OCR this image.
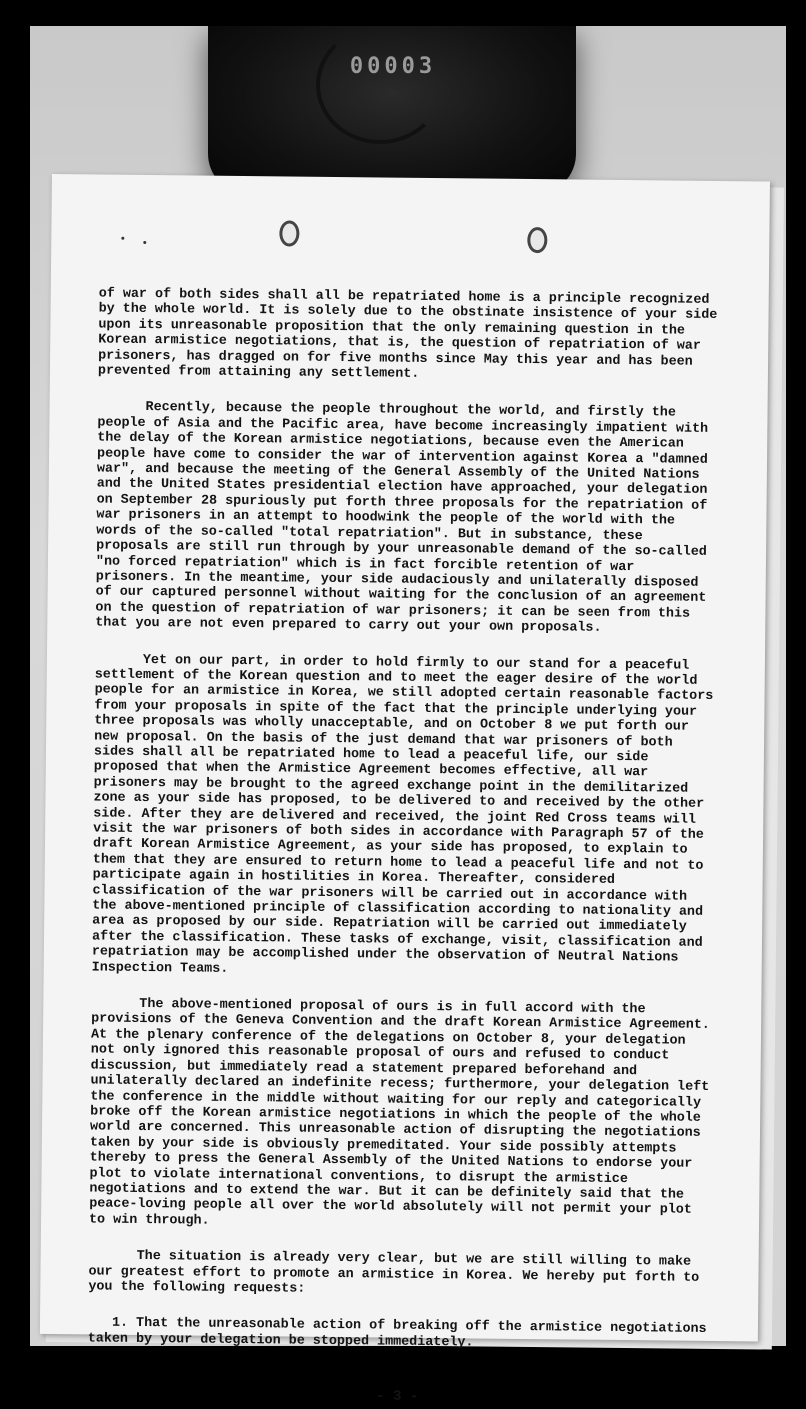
00003

of war of both sides shall all be repatriated home is a principle recognized by the whole world. It is solely due to the obstinate insistence of your side upon its unreasonable proposition that the only remaining question in the Korean armistice negotiations, that is, the question of repatriation of war prisoners, has dragged on for five months since May this year and has been prevented from attaining any settlement.

Recently, because the people throughout the world, and firstly the people of Asia and the Pacific area, have become increasingly impatient with the delay of the Korean armistice negotiations, because even the American people have come to consider the war of intervention against Korea a "damned war", and because the meeting of the General Assembly of the United Nations and the United States presidential election have approached, your delegation on September 28 spuriously put forth three proposals for the repatriation of war prisoners in an attempt to hoodwink the people of the world with the words of the so-called "total repatriation". But in substance, these proposals are still run through by your unreasonable demand of the so-called "no forced repatriation" which is in fact forcible retention of war prisoners. In the meantime, your side audaciously and unilaterally disposed of our captured personnel without waiting for the conclusion of an agreement on the question of repatriation of war prisoners; it can be seen from this that you are not even prepared to carry out your own proposals.

Yet on our part, in order to hold firmly to our stand for a peaceful settlement of the Korean question and to meet the eager desire of the world people for an armistice in Korea, we still adopted certain reasonable factors from your proposals in spite of the fact that the principle underlying your three proposals was wholly unacceptable, and on October 8 we put forth our new proposal. On the basis of the just demand that war prisoners of both sides shall all be repatriated home to lead a peaceful life, our side proposed that when the Armistice Agreement becomes effective, all war prisoners may be brought to the agreed exchange point in the demilitarized zone as your side has proposed, to be delivered to and received by the other side. After they are delivered and received, the joint Red Cross teams will visit the war prisoners of both sides in accordance with Paragraph 57 of the draft Korean Armistice Agreement, as your side has proposed, to explain to them that they are ensured to return home to lead a peaceful life and not to participate again in hostilities in Korea. Thereafter, considered classification of the war prisoners will be carried out in accordance with the above-mentioned principle of classification according to nationality and area as proposed by our side. Repatriation will be carried out immediately after the classification. These tasks of exchange, visit, classification and repatriation may be accomplished under the observation of Neutral Nations Inspection Teams.

The above-mentioned proposal of ours is in full accord with the provisions of the Geneva Convention and the draft Korean Armistice Agreement. At the plenary conference of the delegations on October 8, your delegation not only ignored this reasonable proposal of ours and refused to conduct discussion, but immediately read a statement prepared beforehand and unilaterally declared an indefinite recess; furthermore, your delegation left the conference in the middle without waiting for our reply and categorically broke off the Korean armistice negotiations in which the people of the whole world are concerned. This unreasonable action of disrupting the negotiations taken by your side is obviously premeditated. Your side possibly attempts thereby to press the General Assembly of the United Nations to endorse your plot to violate international conventions, to disrupt the armistice negotiations and to extend the war. But it can be definitely said that the peace-loving people all over the world absolutely will not permit your plot to win through.

The situation is already very clear, but we are still willing to make our greatest effort to promote an armistice in Korea. We hereby put forth to you the following requests:

1. That the unreasonable action of breaking off the armistice negotiations taken by your delegation be stopped immediately.

- 3 -
